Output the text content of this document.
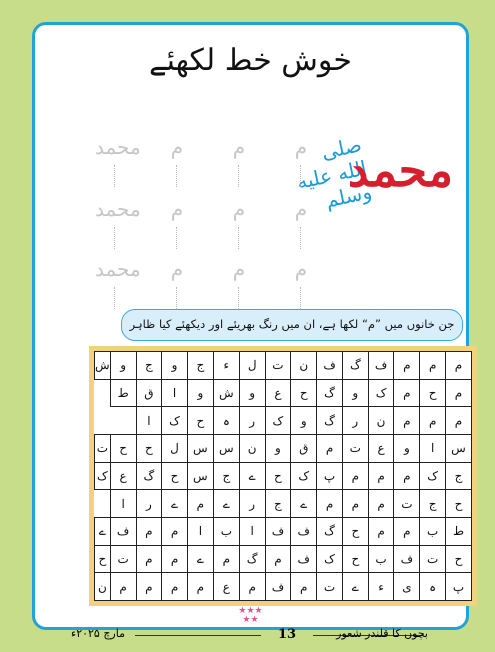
خوش خط لکھئے
صلى الله عليه وسلم
محمد
محمد	م	م	م
محمد	م	م	م
محمد	م	م	م
جن خانوں میں ”م“ لکھا ہے، ان میں رنگ بھریئے اور دیکھئے کیا ظاہر
م	م	م	ف	گ	ف	ن	ت	ل	ء	ج	و	ج	و	ش
م	ح	م	ک	و	گ	ح	ع	و	ش	و	ا	ق	ط	
م	م	م	ن	ر	گ	و	ک	ر	ہ	ح	ک	ا		
س	ا	و	ع	ت	م	ق	و	ن	س	س	ل	ح	ح	ت
ج	ک	م	م	م	پ	ک	ح	ے	ج	س	ح	گ	ع	ک
ح	ج	ت	م	م	م	ے	ج	ر	ے	م	ے	ر	ا	
ط	ب	م	م	ح	گ	ف	ف	ا	ب	ا	م	م	ف	ے
ح	ت	ف	ب	ح	ک	ف	م	گ	م	ے	م	م	ت	ح
پ	ہ	ی	ء	ے	ت	م	ف	م	ع	م	م	م	م	ن
★★★
★★
مارچ ۲۰۲۵ء	13	بچوں کا قلندر شعور
